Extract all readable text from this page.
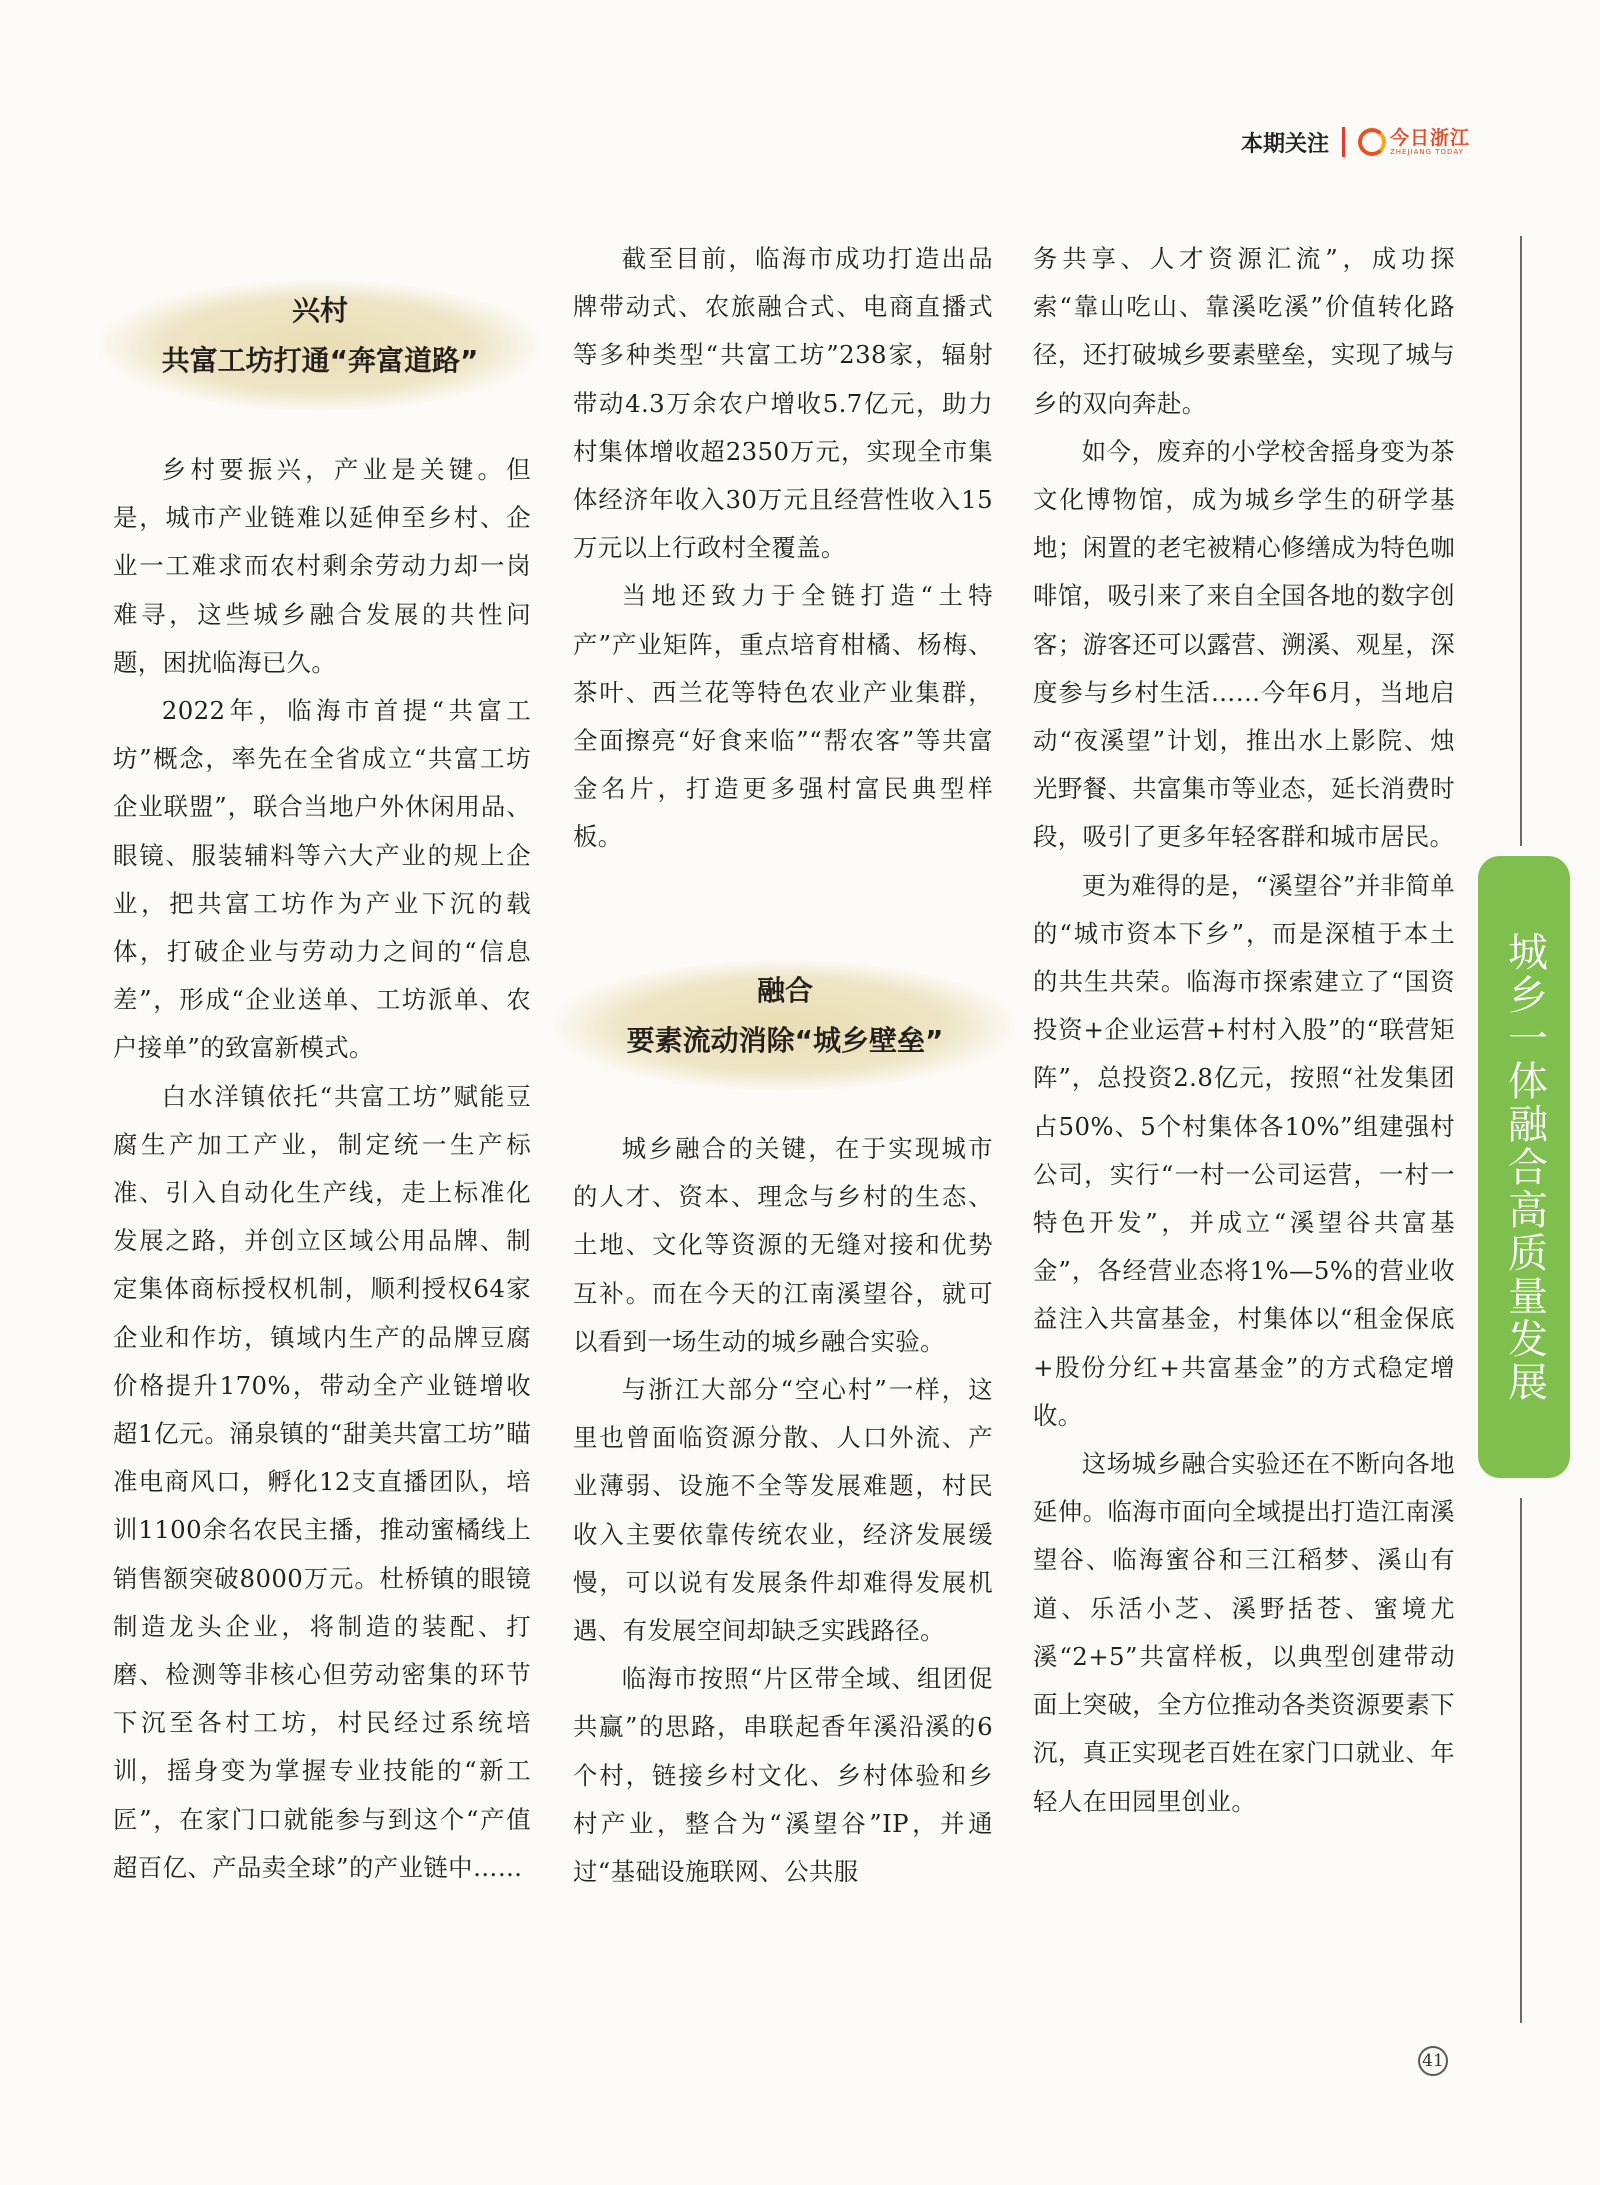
本期关注	今日浙江
ZHEJIANG TODAY
兴村
共富工坊打通“奔富道路”

乡村要振兴，产业是关键。但是，城市产业链难以延伸至乡村、企业一工难求而农村剩余劳动力却一岗难寻，这些城乡融合发展的共性问题，困扰临海已久。

2022年，临海市首提“共富工坊”概念，率先在全省成立“共富工坊企业联盟”，联合当地户外休闲用品、眼镜、服装辅料等六大产业的规上企业，把共富工坊作为产业下沉的载体，打破企业与劳动力之间的“信息差”，形成“企业送单、工坊派单、农户接单”的致富新模式。

白水洋镇依托“共富工坊”赋能豆腐生产加工产业，制定统一生产标准、引入自动化生产线，走上标准化发展之路，并创立区域公用品牌、制定集体商标授权机制，顺利授权64家企业和作坊，镇域内生产的品牌豆腐价格提升170%，带动全产业链增收超1亿元。涌泉镇的“甜美共富工坊”瞄准电商风口，孵化12支直播团队，培训1100余名农民主播，推动蜜橘线上销售额突破8000万元。杜桥镇的眼镜制造龙头企业，将制造的装配、打磨、检测等非核心但劳动密集的环节下沉至各村工坊，村民经过系统培训，摇身变为掌握专业技能的“新工匠”，在家门口就能参与到这个“产值超百亿、产品卖全球”的产业链中……

截至目前，临海市成功打造出品牌带动式、农旅融合式、电商直播式等多种类型“共富工坊”238家，辐射带动4.3万余农户增收5.7亿元，助力村集体增收超2350万元，实现全市集体经济年收入30万元且经营性收入15万元以上行政村全覆盖。

当地还致力于全链打造“土特产”产业矩阵，重点培育柑橘、杨梅、茶叶、西兰花等特色农业产业集群，全面擦亮“好食来临”“帮农客”等共富金名片，打造更多强村富民典型样板。

融合
要素流动消除“城乡壁垒”

城乡融合的关键，在于实现城市的人才、资本、理念与乡村的生态、土地、文化等资源的无缝对接和优势互补。而在今天的江南溪望谷，就可以看到一场生动的城乡融合实验。

与浙江大部分“空心村”一样，这里也曾面临资源分散、人口外流、产业薄弱、设施不全等发展难题，村民收入主要依靠传统农业，经济发展缓慢，可以说有发展条件却难得发展机遇、有发展空间却缺乏实践路径。

临海市按照“片区带全域、组团促共赢”的思路，串联起香年溪沿溪的6个村，链接乡村文化、乡村体验和乡村产业，整合为“溪望谷”IP，并通过“基础设施联网、公共服

务共享、人才资源汇流”，成功探索“靠山吃山、靠溪吃溪”价值转化路径，还打破城乡要素壁垒，实现了城与乡的双向奔赴。

如今，废弃的小学校舍摇身变为茶文化博物馆，成为城乡学生的研学基地；闲置的老宅被精心修缮成为特色咖啡馆，吸引来了来自全国各地的数字创客；游客还可以露营、溯溪、观星，深度参与乡村生活……今年6月，当地启动“夜溪望”计划，推出水上影院、烛光野餐、共富集市等业态，延长消费时段，吸引了更多年轻客群和城市居民。

更为难得的是，“溪望谷”并非简单的“城市资本下乡”，而是深植于本土的共生共荣。临海市探索建立了“国资投资+企业运营+村村入股”的“联营矩阵”，总投资2.8亿元，按照“社发集团占50%、5个村集体各10%”组建强村公司，实行“一村一公司运营，一村一特色开发”，并成立“溪望谷共富基金”，各经营业态将1%—5%的营业收益注入共富基金，村集体以“租金保底+股份分红+共富基金”的方式稳定增收。

这场城乡融合实验还在不断向各地延伸。临海市面向全域提出打造江南溪望谷、临海蜜谷和三江稻梦、溪山有道、乐活小芝、溪野括苍、蜜境尤溪“2+5”共富样板，以典型创建带动面上突破，全方位推动各类资源要素下沉，真正实现老百姓在家门口就业、年轻人在田园里创业。

城乡一体融合高质量发展
41
